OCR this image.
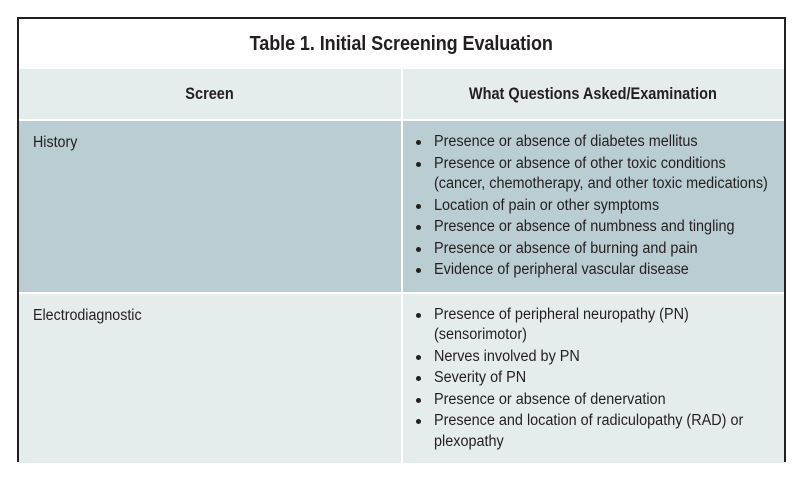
Table 1. Initial Screening Evaluation	
Screen	What Questions Asked/Examination
History	Presence or absence of diabetes mellitus
Presence or absence of other toxic conditions (cancer, chemotherapy, and other toxic medications)
Location of pain or other symptoms
Presence or absence of numbness and tingling
Presence or absence of burning and pain
Evidence of peripheral vascular disease

Electrodiagnostic	Presence of peripheral neuropathy (PN) (sensorimotor)
Nerves involved by PN
Severity of PN
Presence or absence of denervation
Presence and location of radiculopathy (RAD) or plexopathy
